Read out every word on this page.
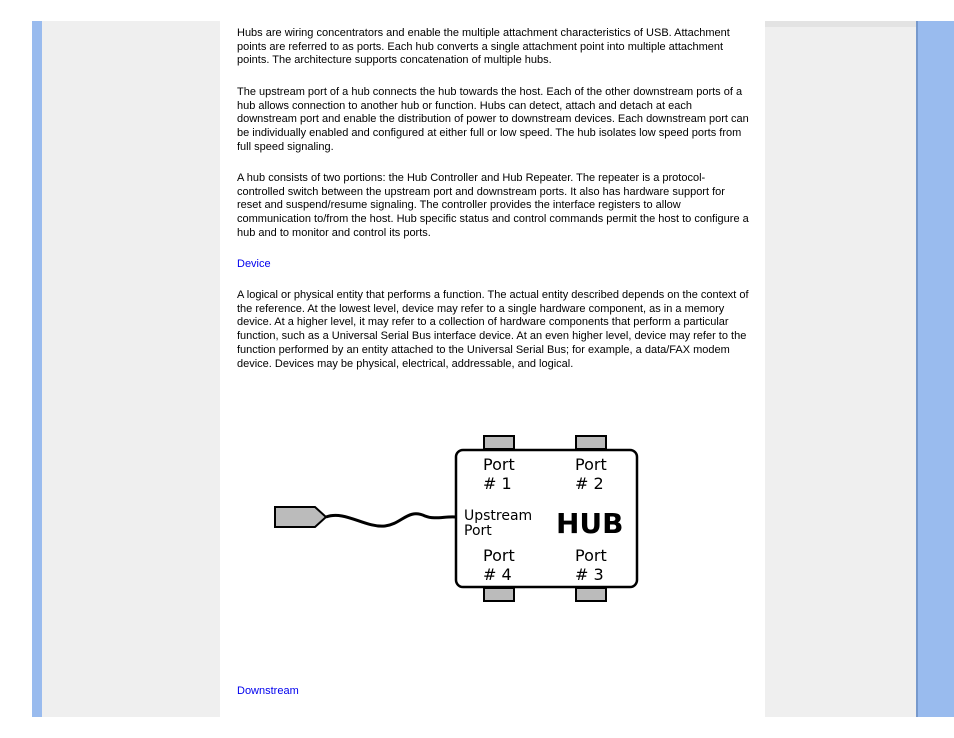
Hubs are wiring concentrators and enable the multiple attachment characteristics of USB. Attachment points are referred to as ports. Each hub converts a single attachment point into multiple attachment points. The architecture supports concatenation of multiple hubs.

The upstream port of a hub connects the hub towards the host. Each of the other downstream ports of a hub allows connection to another hub or function. Hubs can detect, attach and detach at each downstream port and enable the distribution of power to downstream devices. Each downstream port can be individually enabled and configured at either full or low speed. The hub isolates low speed ports from full speed signaling.

A hub consists of two portions: the Hub Controller and Hub Repeater. The repeater is a protocol-controlled switch between the upstream port and downstream ports. It also has hardware support for reset and suspend/resume signaling. The controller provides the interface registers to allow communication to/from the host. Hub specific status and control commands permit the host to configure a hub and to monitor and control its ports.

Device

A logical or physical entity that performs a function. The actual entity described depends on the context of the reference. At the lowest level, device may refer to a single hardware component, as in a memory device. At a higher level, it may refer to a collection of hardware components that perform a particular function, such as a Universal Serial Bus interface device. At an even higher level, device may refer to the function performed by an entity attached to the Universal Serial Bus; for example, a data/FAX modem device. Devices may be physical, electrical, addressable, and logical.

Downstream
Port
# 1
Port
# 2
Upstream
Port HUB
Port
# 4
Port
# 3
